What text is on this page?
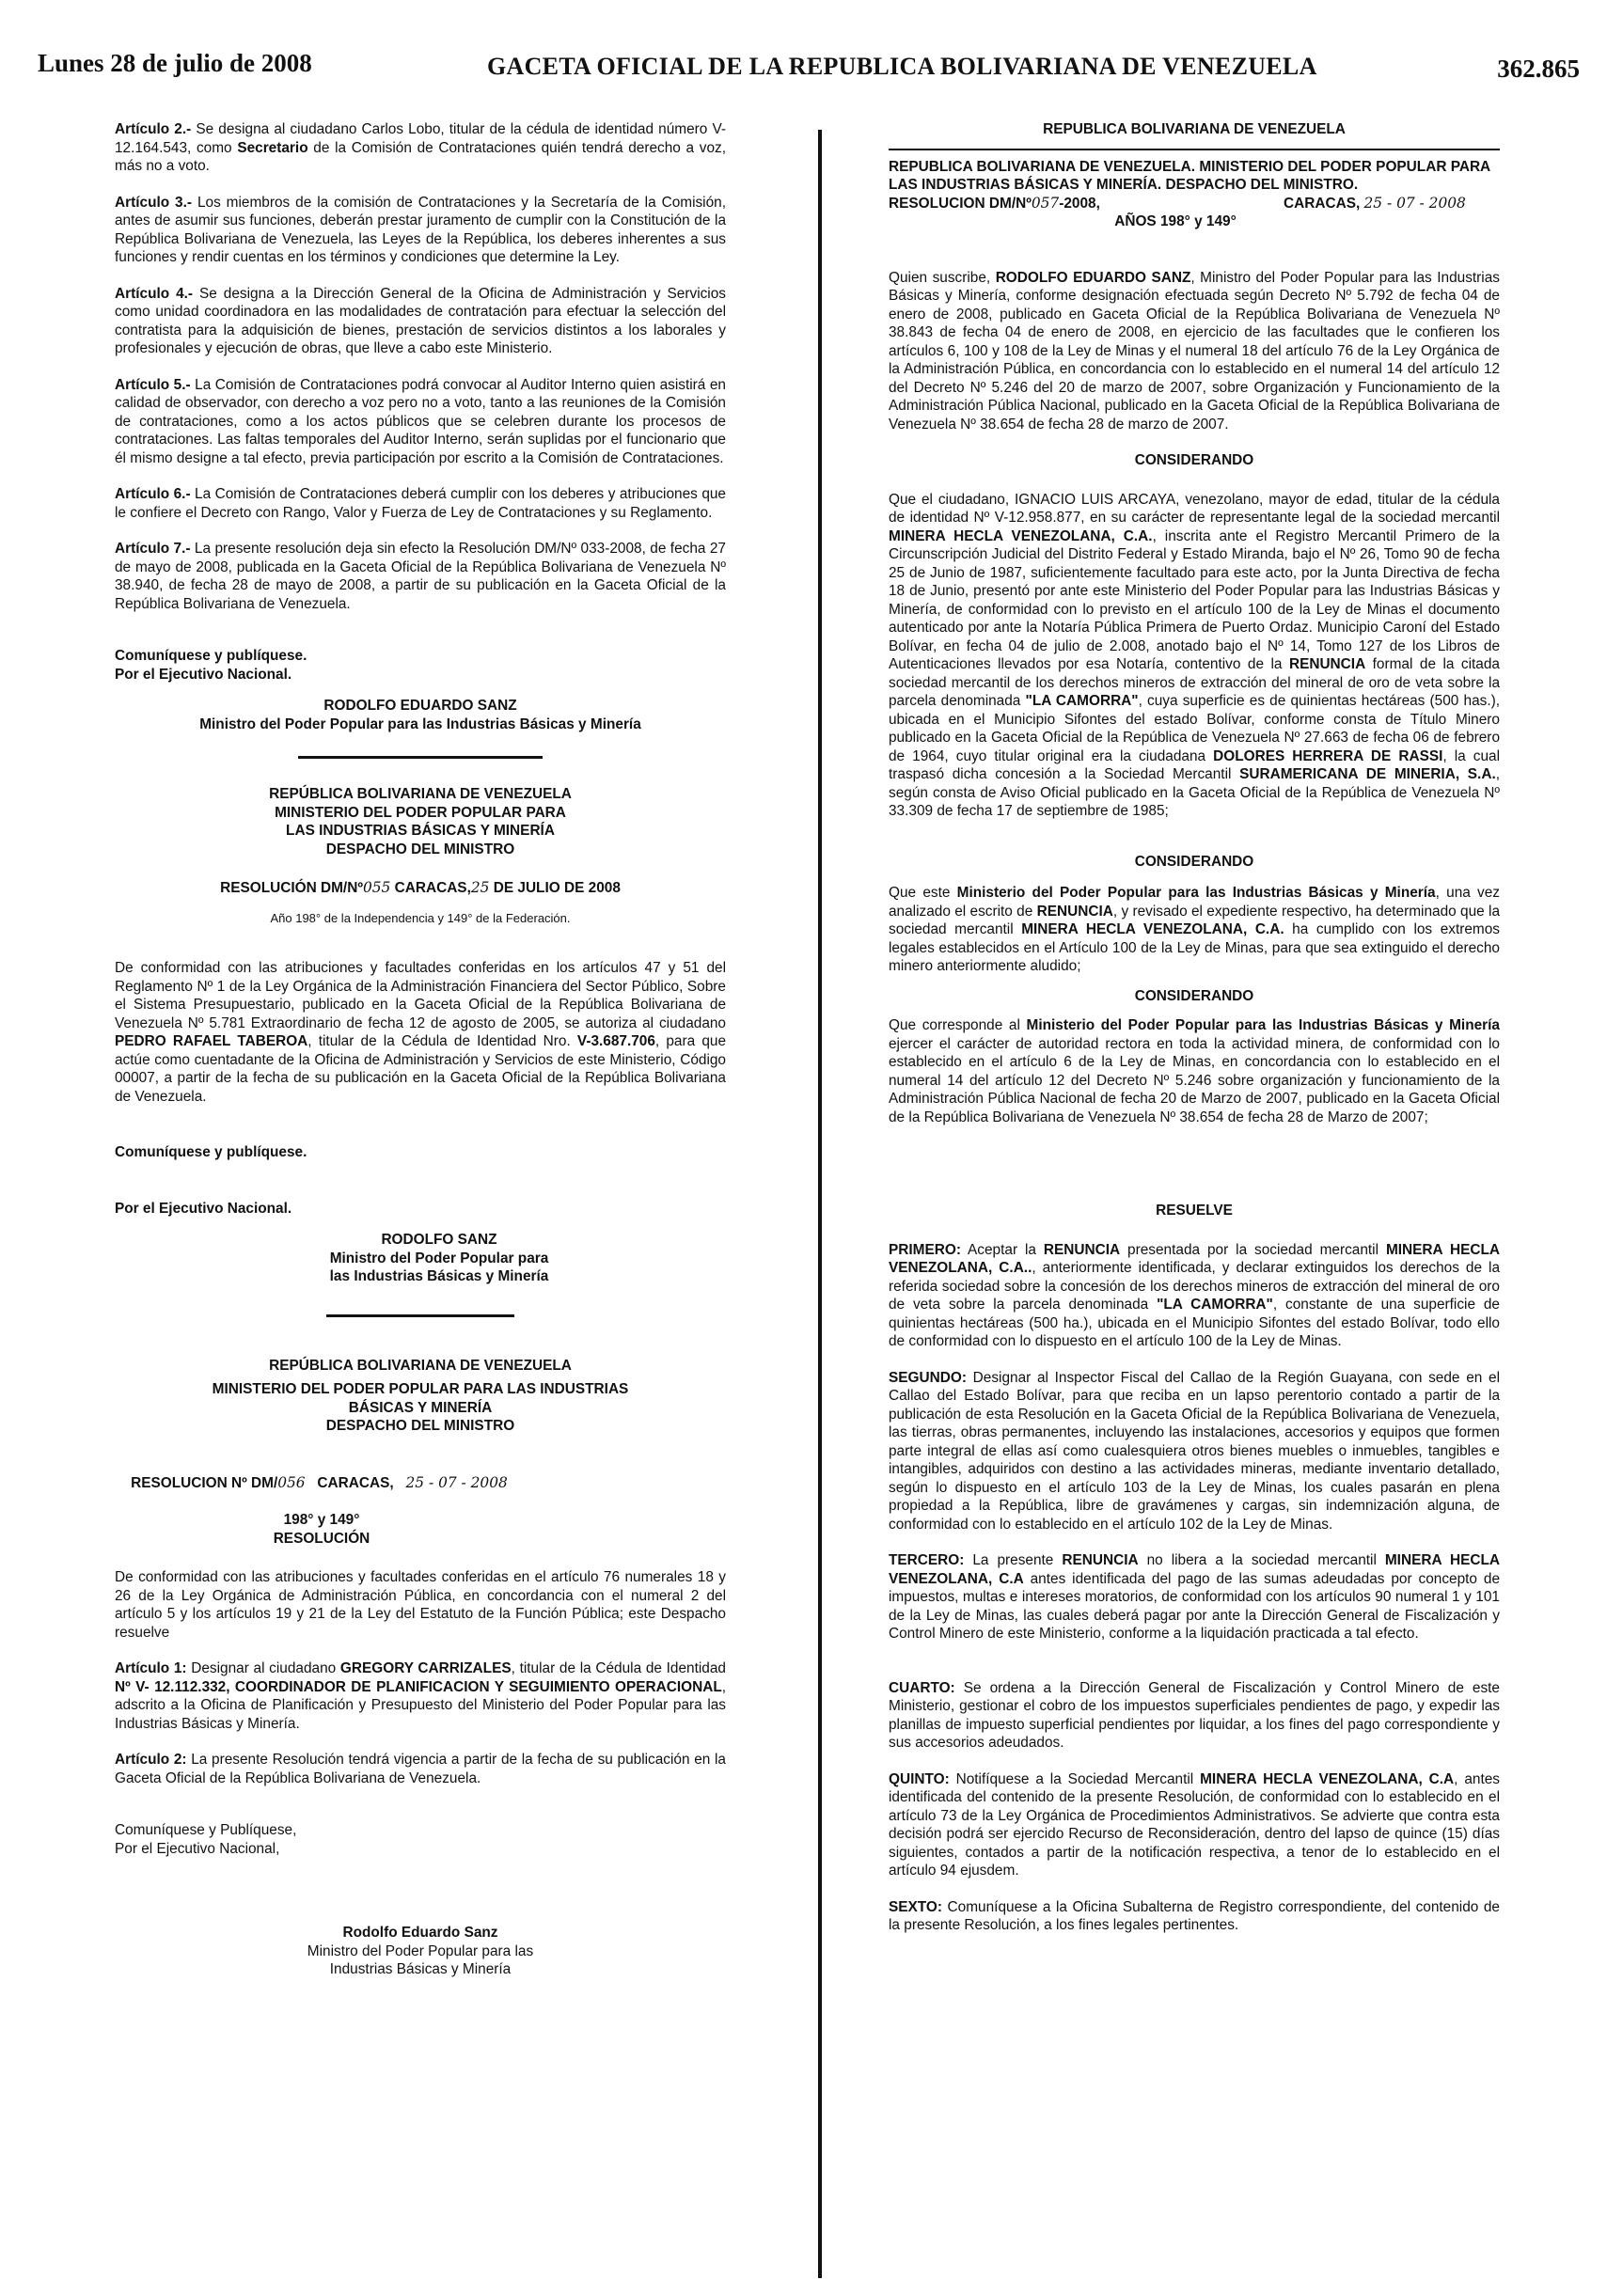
Lunes 28 de julio de 2008	GACETA OFICIAL DE LA REPUBLICA BOLIVARIANA DE VENEZUELA	362.865

Artículo 2.- Se designa al ciudadano Carlos Lobo, titular de la cédula de identidad número V-12.164.543, como Secretario de la Comisión de Contrataciones quién tendrá derecho a voz, más no a voto.

Artículo 3.- Los miembros de la comisión de Contrataciones y la Secretaría de la Comisión, antes de asumir sus funciones, deberán prestar juramento de cumplir con la Constitución de la República Bolivariana de Venezuela, las Leyes de la República, los deberes inherentes a sus funciones y rendir cuentas en los términos y condiciones que determine la Ley.

Artículo 4.- Se designa a la Dirección General de la Oficina de Administración y Servicios como unidad coordinadora en las modalidades de contratación para efectuar la selección del contratista para la adquisición de bienes, prestación de servicios distintos a los laborales y profesionales y ejecución de obras, que lleve a cabo este Ministerio.

Artículo 5.- La Comisión de Contrataciones podrá convocar al Auditor Interno quien asistirá en calidad de observador, con derecho a voz pero no a voto, tanto a las reuniones de la Comisión de contrataciones, como a los actos públicos que se celebren durante los procesos de contrataciones. Las faltas temporales del Auditor Interno, serán suplidas por el funcionario que él mismo designe a tal efecto, previa participación por escrito a la Comisión de Contrataciones.

Artículo 6.- La Comisión de Contrataciones deberá cumplir con los deberes y atribuciones que le confiere el Decreto con Rango, Valor y Fuerza de Ley de Contrataciones y su Reglamento.

Artículo 7.- La presente resolución deja sin efecto la Resolución DM/Nº 033-2008, de fecha 27 de mayo de 2008, publicada en la Gaceta Oficial de la República Bolivariana de Venezuela Nº 38.940, de fecha 28 de mayo de 2008, a partir de su publicación en la Gaceta Oficial de la República Bolivariana de Venezuela.

Comuníquese y publíquese.
Por el Ejecutivo Nacional.
RODOLFO EDUARDO SANZ
Ministro del Poder Popular para las Industrias Básicas y Minería
REPÚBLICA BOLIVARIANA DE VENEZUELA
MINISTERIO DEL PODER POPULAR PARA
LAS INDUSTRIAS BÁSICAS Y MINERÍA
DESPACHO DEL MINISTRO
RESOLUCIÓN DM/Nº055 CARACAS,25 DE JULIO DE 2008
Año 198° de la Independencia y 149° de la Federación.

De conformidad con las atribuciones y facultades conferidas en los artículos 47 y 51 del Reglamento Nº 1 de la Ley Orgánica de la Administración Financiera del Sector Público, Sobre el Sistema Presupuestario, publicado en la Gaceta Oficial de la República Bolivariana de Venezuela Nº 5.781 Extraordinario de fecha 12 de agosto de 2005, se autoriza al ciudadano PEDRO RAFAEL TABEROA, titular de la Cédula de Identidad Nro. V-3.687.706, para que actúe como cuentadante de la Oficina de Administración y Servicios de este Ministerio, Código 00007, a partir de la fecha de su publicación en la Gaceta Oficial de la República Bolivariana de Venezuela.

Comuníquese y publíquese.
Por el Ejecutivo Nacional.
RODOLFO SANZ
Ministro del Poder Popular para
las Industrias Básicas y Minería
REPÚBLICA BOLIVARIANA DE VENEZUELA
MINISTERIO DEL PODER POPULAR PARA LAS INDUSTRIAS
BÁSICAS Y MINERÍA
DESPACHO DEL MINISTRO

RESOLUCION Nº DM/056   CARACAS,   25 - 07 - 2008

198° y 149°
RESOLUCIÓN

De conformidad con las atribuciones y facultades conferidas en el artículo 76 numerales 18 y 26 de la Ley Orgánica de Administración Pública, en concordancia con el numeral 2 del artículo 5 y los artículos 19 y 21 de la Ley del Estatuto de la Función Pública; este Despacho resuelve

Artículo 1: Designar al ciudadano GREGORY CARRIZALES, titular de la Cédula de Identidad Nº V- 12.112.332, COORDINADOR DE PLANIFICACION Y SEGUIMIENTO OPERACIONAL, adscrito a la Oficina de Planificación y Presupuesto del Ministerio del Poder Popular para las Industrias Básicas y Minería.

Artículo 2: La presente Resolución tendrá vigencia a partir de la fecha de su publicación en la Gaceta Oficial de la República Bolivariana de Venezuela.

Comuníquese y Publíquese,
Por el Ejecutivo Nacional,
Rodolfo Eduardo Sanz
Ministro del Poder Popular para las
Industrias Básicas y Minería
REPUBLICA BOLIVARIANA DE VENEZUELA
REPUBLICA BOLIVARIANA DE VENEZUELA. MINISTERIO DEL PODER POPULAR PARA LAS INDUSTRIAS BÁSICAS Y MINERÍA. DESPACHO DEL MINISTRO.
RESOLUCION DM/Nº057-2008,	CARACAS, 25 - 07 - 2008
AÑOS 198° y 149°

Quien suscribe, RODOLFO EDUARDO SANZ, Ministro del Poder Popular para las Industrias Básicas y Minería, conforme designación efectuada según Decreto Nº 5.792 de fecha 04 de enero de 2008, publicado en Gaceta Oficial de la República Bolivariana de Venezuela Nº 38.843 de fecha 04 de enero de 2008, en ejercicio de las facultades que le confieren los artículos 6, 100 y 108 de la Ley de Minas y el numeral 18 del artículo 76 de la Ley Orgánica de la Administración Pública, en concordancia con lo establecido en el numeral 14 del artículo 12 del Decreto Nº 5.246 del 20 de marzo de 2007, sobre Organización y Funcionamiento de la Administración Pública Nacional, publicado en la Gaceta Oficial de la República Bolivariana de Venezuela Nº 38.654 de fecha 28 de marzo de 2007.

CONSIDERANDO

Que el ciudadano, IGNACIO LUIS ARCAYA, venezolano, mayor de edad, titular de la cédula de identidad Nº V-12.958.877, en su carácter de representante legal de la sociedad mercantil MINERA HECLA VENEZOLANA, C.A., inscrita ante el Registro Mercantil Primero de la Circunscripción Judicial del Distrito Federal y Estado Miranda, bajo el Nº 26, Tomo 90 de fecha 25 de Junio de 1987, suficientemente facultado para este acto, por la Junta Directiva de fecha 18 de Junio, presentó por ante este Ministerio del Poder Popular para las Industrias Básicas y Minería, de conformidad con lo previsto en el artículo 100 de la Ley de Minas el documento autenticado por ante la Notaría Pública Primera de Puerto Ordaz. Municipio Caroní del Estado Bolívar, en fecha 04 de julio de 2.008, anotado bajo el Nº 14, Tomo 127 de los Libros de Autenticaciones llevados por esa Notaría, contentivo de la RENUNCIA formal de la citada sociedad mercantil de los derechos mineros de extracción del mineral de oro de veta sobre la parcela denominada "LA CAMORRA", cuya superficie es de quinientas hectáreas (500 has.), ubicada en el Municipio Sifontes del estado Bolívar, conforme consta de Título Minero publicado en la Gaceta Oficial de la República de Venezuela Nº 27.663 de fecha 06 de febrero de 1964, cuyo titular original era la ciudadana DOLORES HERRERA DE RASSI, la cual traspasó dicha concesión a la Sociedad Mercantil SURAMERICANA DE MINERIA, S.A., según consta de Aviso Oficial publicado en la Gaceta Oficial de la República de Venezuela Nº 33.309 de fecha 17 de septiembre de 1985;

CONSIDERANDO

Que este Ministerio del Poder Popular para las Industrias Básicas y Minería, una vez analizado el escrito de RENUNCIA, y revisado el expediente respectivo, ha determinado que la sociedad mercantil MINERA HECLA VENEZOLANA, C.A. ha cumplido con los extremos legales establecidos en el Artículo 100 de la Ley de Minas, para que sea extinguido el derecho minero anteriormente aludido;

CONSIDERANDO

Que corresponde al Ministerio del Poder Popular para las Industrias Básicas y Minería ejercer el carácter de autoridad rectora en toda la actividad minera, de conformidad con lo establecido en el artículo 6 de la Ley de Minas, en concordancia con lo establecido en el numeral 14 del artículo 12 del Decreto Nº 5.246 sobre organización y funcionamiento de la Administración Pública Nacional de fecha 20 de Marzo de 2007, publicado en la Gaceta Oficial de la República Bolivariana de Venezuela Nº 38.654 de fecha 28 de Marzo de 2007;

RESUELVE

PRIMERO: Aceptar la RENUNCIA presentada por la sociedad mercantil MINERA HECLA VENEZOLANA, C.A.., anteriormente identificada, y declarar extinguidos los derechos de la referida sociedad sobre la concesión de los derechos mineros de extracción del mineral de oro de veta sobre la parcela denominada "LA CAMORRA", constante de una superficie de quinientas hectáreas (500 ha.), ubicada en el Municipio Sifontes del estado Bolívar, todo ello de conformidad con lo dispuesto en el artículo 100 de la Ley de Minas.

SEGUNDO: Designar al Inspector Fiscal del Callao de la Región Guayana, con sede en el Callao del Estado Bolívar, para que reciba en un lapso perentorio contado a partir de la publicación de esta Resolución en la Gaceta Oficial de la República Bolivariana de Venezuela, las tierras, obras permanentes, incluyendo las instalaciones, accesorios y equipos que formen parte integral de ellas así como cualesquiera otros bienes muebles o inmuebles, tangibles e intangibles, adquiridos con destino a las actividades mineras, mediante inventario detallado, según lo dispuesto en el artículo 103 de la Ley de Minas, los cuales pasarán en plena propiedad a la República, libre de gravámenes y cargas, sin indemnización alguna, de conformidad con lo establecido en el artículo 102 de la Ley de Minas.

TERCERO: La presente RENUNCIA no libera a la sociedad mercantil MINERA HECLA VENEZOLANA, C.A antes identificada del pago de las sumas adeudadas por concepto de impuestos, multas e intereses moratorios, de conformidad con los artículos 90 numeral 1 y 101 de la Ley de Minas, las cuales deberá pagar por ante la Dirección General de Fiscalización y Control Minero de este Ministerio, conforme a la liquidación practicada a tal efecto.

CUARTO: Se ordena a la Dirección General de Fiscalización y Control Minero de este Ministerio, gestionar el cobro de los impuestos superficiales pendientes de pago, y expedir las planillas de impuesto superficial pendientes por liquidar, a los fines del pago correspondiente y sus accesorios adeudados.

QUINTO: Notifíquese a la Sociedad Mercantil MINERA HECLA VENEZOLANA, C.A, antes identificada del contenido de la presente Resolución, de conformidad con lo establecido en el artículo 73 de la Ley Orgánica de Procedimientos Administrativos. Se advierte que contra esta decisión podrá ser ejercido Recurso de Reconsideración, dentro del lapso de quince (15) días siguientes, contados a partir de la notificación respectiva, a tenor de lo establecido en el artículo 94 ejusdem.

SEXTO: Comuníquese a la Oficina Subalterna de Registro correspondiente, del contenido de la presente Resolución, a los fines legales pertinentes.
